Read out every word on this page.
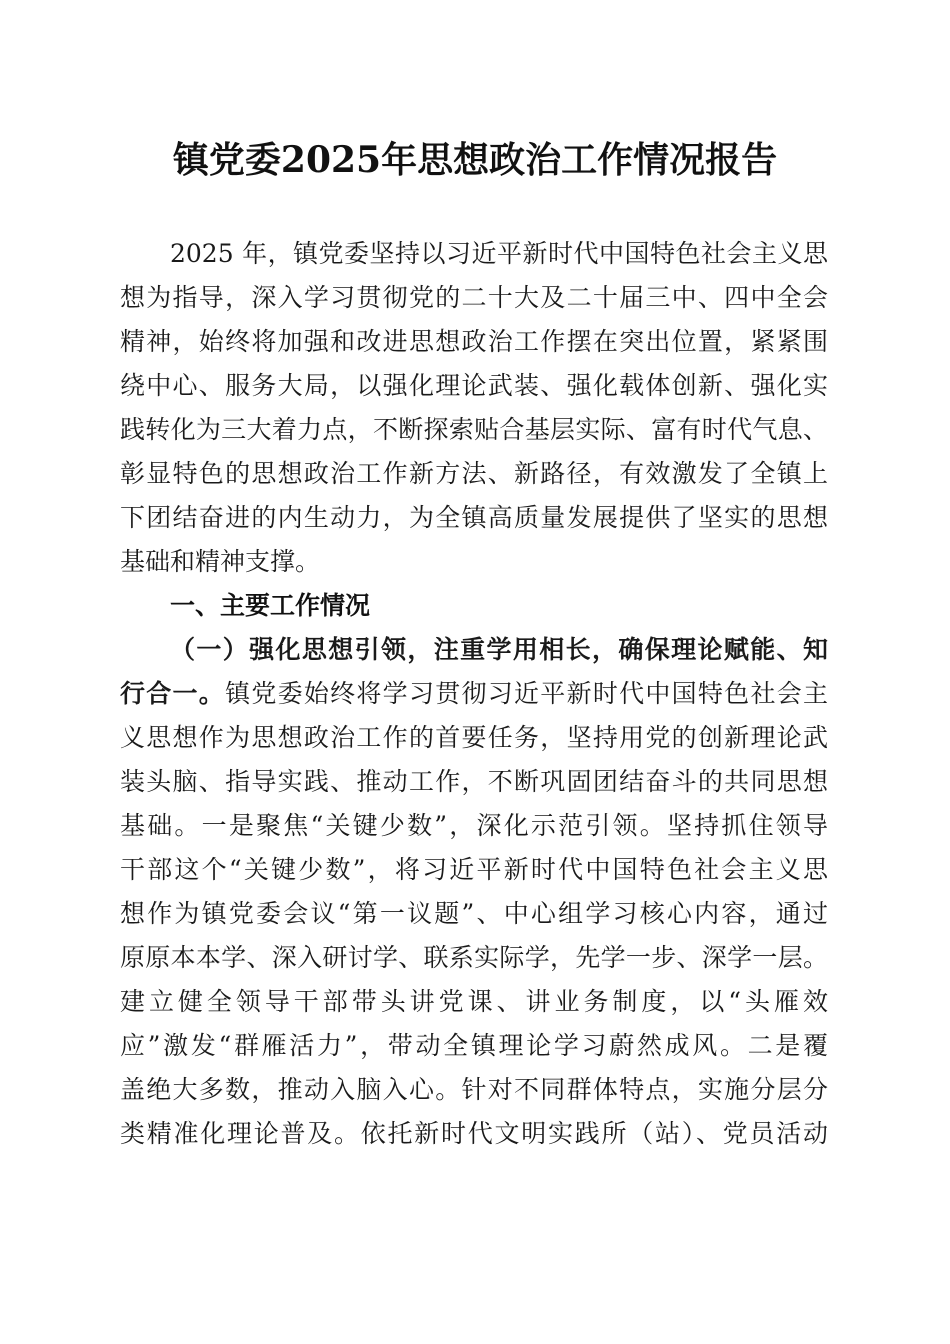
镇党委2025年思想政治工作情况报告
2025 年，镇党委坚持以习近平新时代中国特色社会主义思
想为指导，深入学习贯彻党的二十大及二十届三中、四中全会
精神，始终将加强和改进思想政治工作摆在突出位置，紧紧围
绕中心、服务大局，以强化理论武装、强化载体创新、强化实
践转化为三大着力点，不断探索贴合基层实际、富有时代气息、
彰显特色的思想政治工作新方法、新路径，有效激发了全镇上
下团结奋进的内生动力，为全镇高质量发展提供了坚实的思想
基础和精神支撑。
一、主要工作情况
（一）强化思想引领，注重学用相长，确保理论赋能、知
行合一。镇党委始终将学习贯彻习近平新时代中国特色社会主
义思想作为思想政治工作的首要任务，坚持用党的创新理论武
装头脑、指导实践、推动工作，不断巩固团结奋斗的共同思想
基础。一是聚焦“关键少数”，深化示范引领。坚持抓住领导
干部这个“关键少数”，将习近平新时代中国特色社会主义思
想作为镇党委会议“第一议题”、中心组学习核心内容，通过
原原本本学、深入研讨学、联系实际学，先学一步、深学一层。
建立健全领导干部带头讲党课、讲业务制度，以“头雁效
应”激发“群雁活力”，带动全镇理论学习蔚然成风。二是覆
盖绝大多数，推动入脑入心。针对不同群体特点，实施分层分
类精准化理论普及。依托新时代文明实践所（站）、党员活动
